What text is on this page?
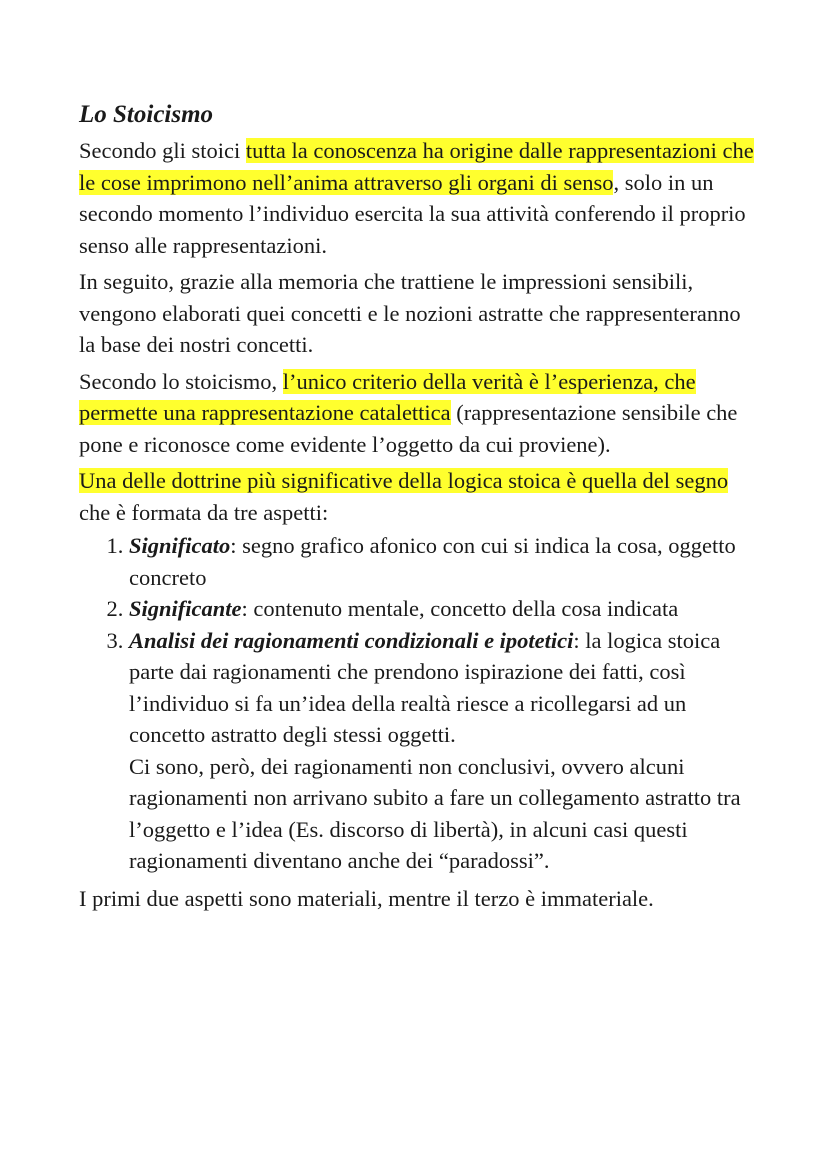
Lo Stoicismo

Secondo gli stoici tutta la conoscenza ha origine dalle rappresentazioni che le cose imprimono nell’anima attraverso gli organi di senso, solo in un secondo momento l’individuo esercita la sua attività conferendo il proprio senso alle rappresentazioni.

In seguito, grazie alla memoria che trattiene le impressioni sensibili, vengono elaborati quei concetti e le nozioni astratte che rappresenteranno la base dei nostri concetti.

Secondo lo stoicismo, l’unico criterio della verità è l’esperienza, che permette una rappresentazione catalettica (rappresentazione sensibile che pone e riconosce come evidente l’oggetto da cui proviene).

Una delle dottrine più significative della logica stoica è quella del segno che è formata da tre aspetti:

1. Significato: segno grafico afonico con cui si indica la cosa, oggetto concreto
2. Significante: contenuto mentale, concetto della cosa indicata
3. Analisi dei ragionamenti condizionali e ipotetici: la logica stoica parte dai ragionamenti che prendono ispirazione dei fatti, così l’individuo si fa un’idea della realtà riesce a ricollegarsi ad un concetto astratto degli stessi oggetti.
Ci sono, però, dei ragionamenti non conclusivi, ovvero alcuni ragionamenti non arrivano subito a fare un collegamento astratto tra l’oggetto e l’idea (Es. discorso di libertà), in alcuni casi questi ragionamenti diventano anche dei “paradossi”.

I primi due aspetti sono materiali, mentre il terzo è immateriale.
